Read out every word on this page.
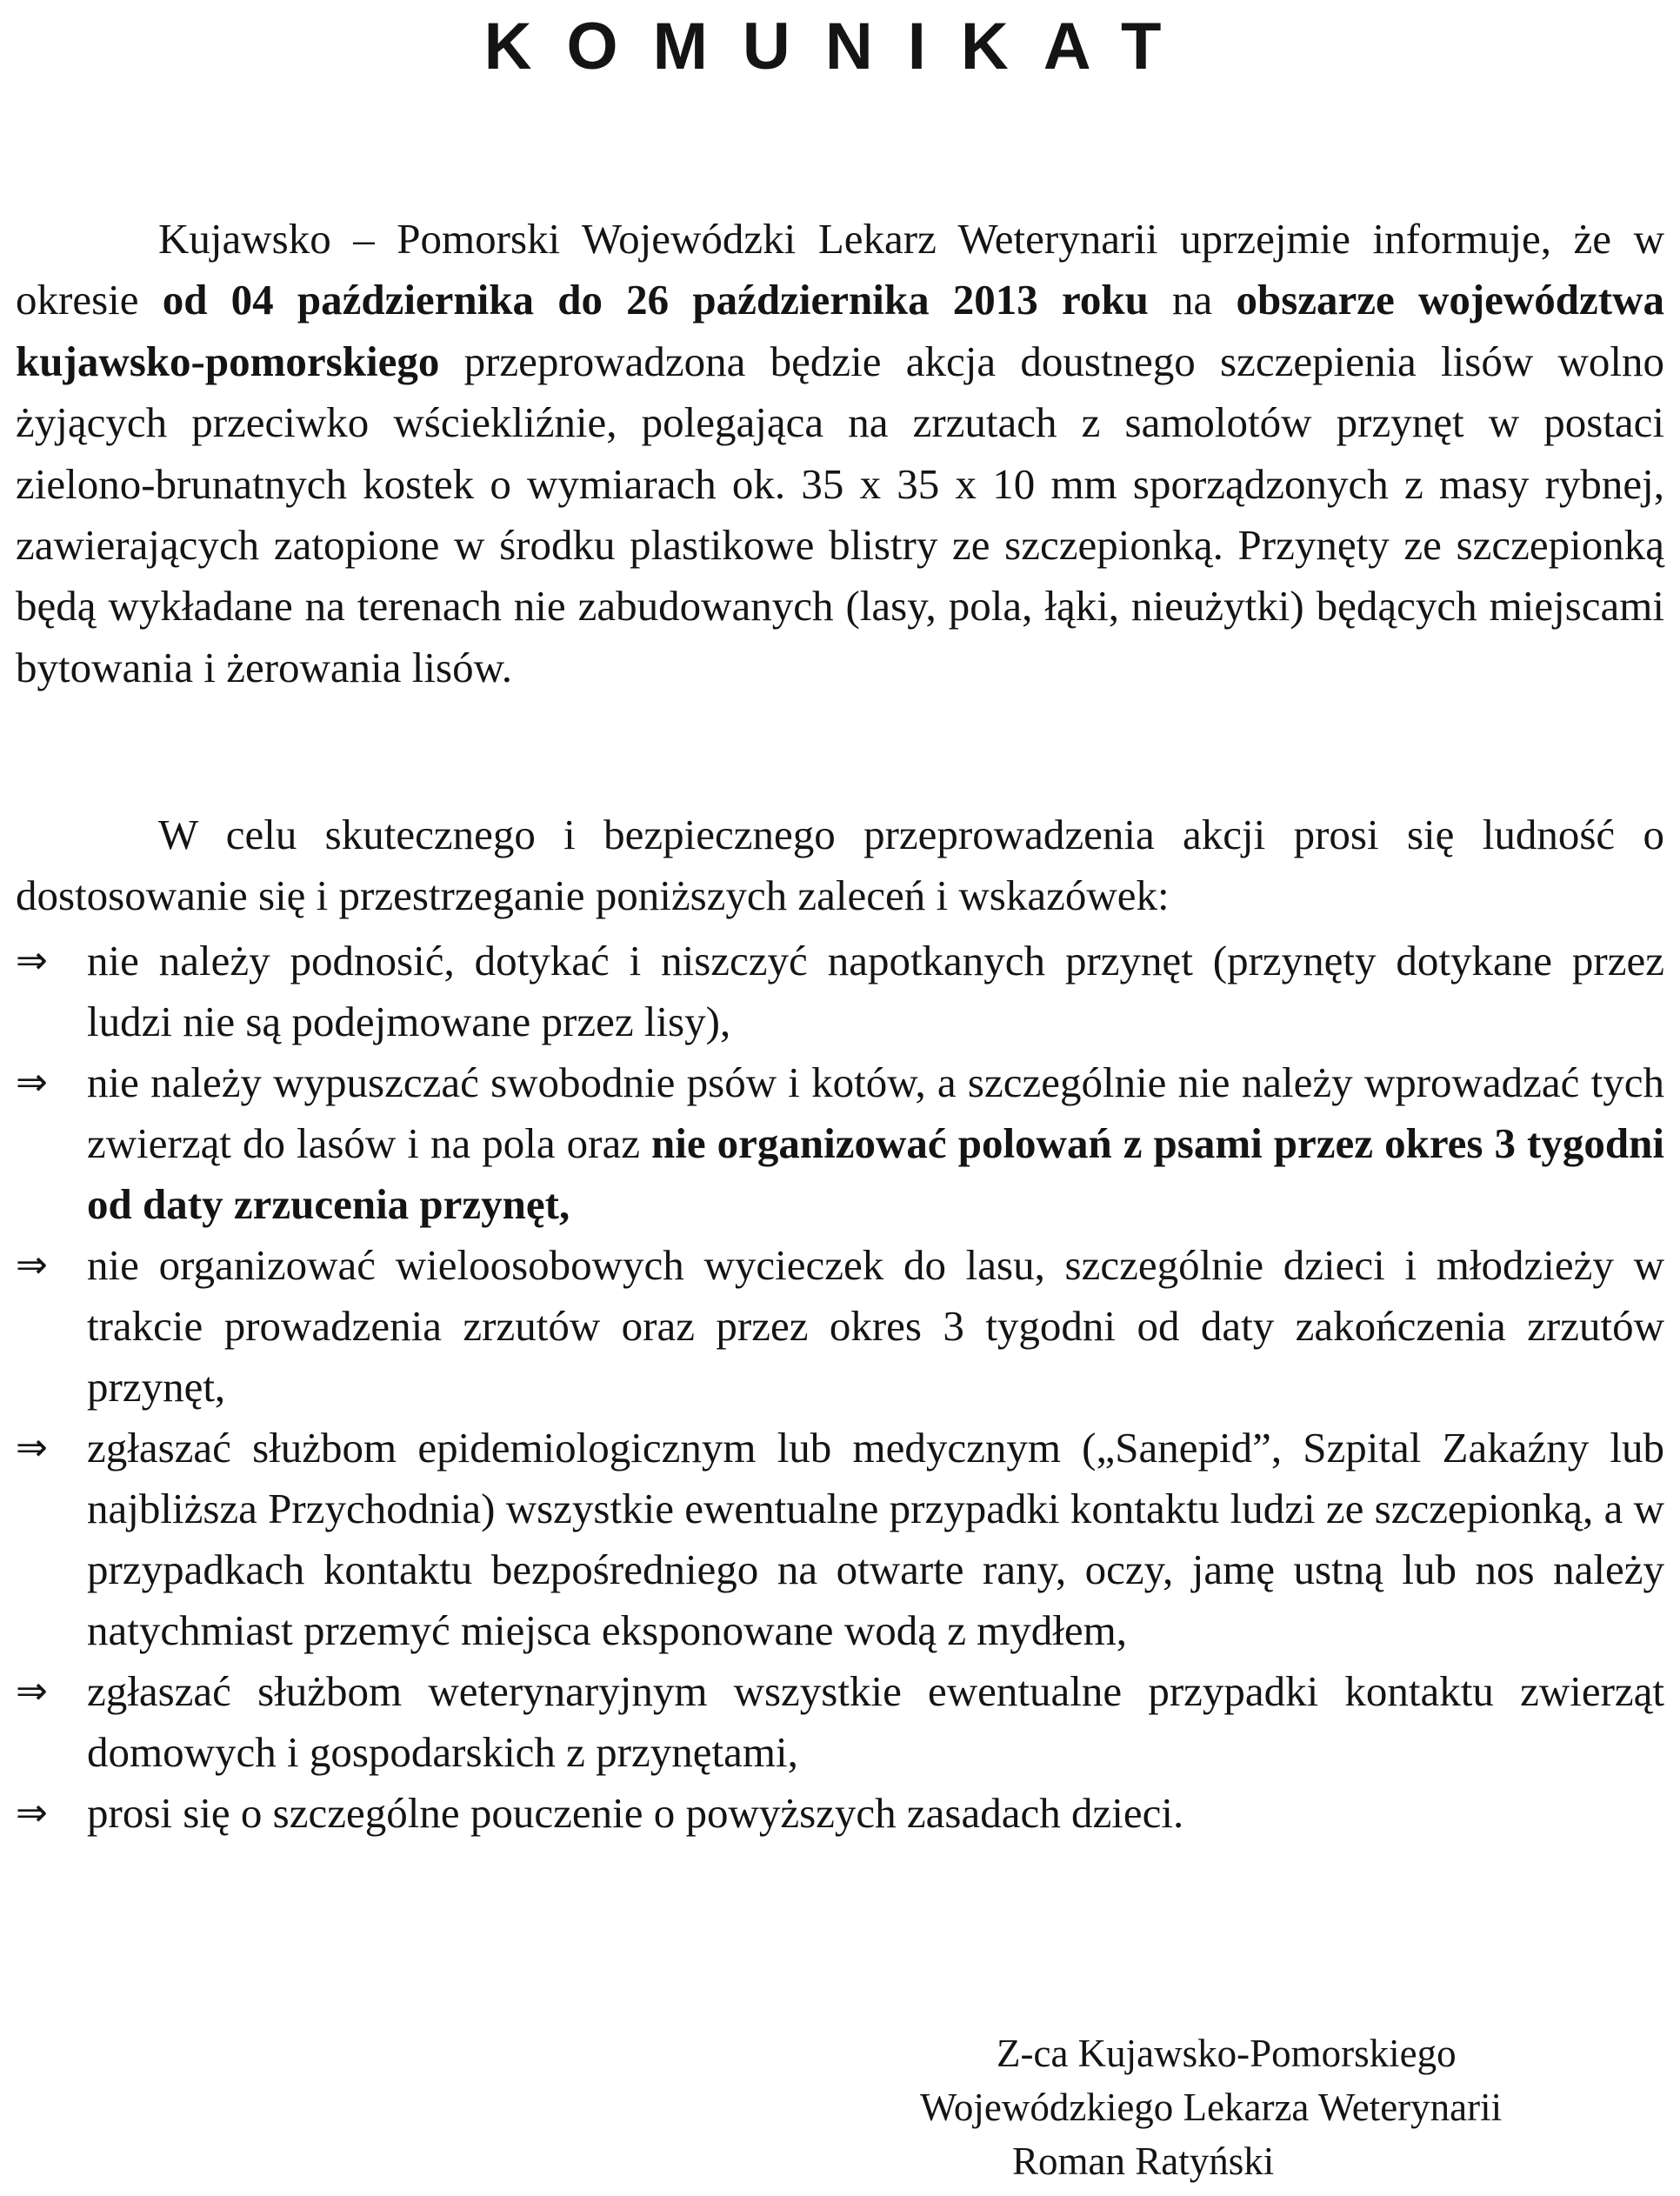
KOMUNIKAT

Kujawsko – Pomorski Wojewódzki Lekarz Weterynarii uprzejmie informuje, że w okresie od 04 października do 26 października 2013 roku na obszarze województwa kujawsko-pomorskiego przeprowadzona będzie akcja doustnego szczepienia lisów wolno żyjących przeciwko wściekliźnie, polegająca na zrzutach z samolotów przynęt w postaci zielono-brunatnych kostek o wymiarach ok. 35 x 35 x 10 mm sporządzonych z masy rybnej, zawierających zatopione w środku plastikowe blistry ze szczepionką. Przynęty ze szczepionką będą wykładane na terenach nie zabudowanych (lasy, pola, łąki, nieużytki) będących miejscami bytowania i żerowania lisów.

W celu skutecznego i bezpiecznego przeprowadzenia akcji prosi się ludność o dostosowanie się i przestrzeganie poniższych zaleceń i wskazówek:

⇒ nie należy podnosić, dotykać i niszczyć napotkanych przynęt (przynęty dotykane przez ludzi nie są podejmowane przez lisy),
⇒ nie należy wypuszczać swobodnie psów i kotów, a szczególnie nie należy wprowadzać tych zwierząt do lasów i na pola oraz nie organizować polowań z psami przez okres 3 tygodni od daty zrzucenia przynęt,
⇒ nie organizować wieloosobowych wycieczek do lasu, szczególnie dzieci i młodzieży w trakcie prowadzenia zrzutów oraz przez okres 3 tygodni od daty zakończenia zrzutów przynęt,
⇒ zgłaszać służbom epidemiologicznym lub medycznym („Sanepid”, Szpital Zakaźny lub najbliższa Przychodnia) wszystkie ewentualne przypadki kontaktu ludzi ze szczepionką, a w przypadkach kontaktu bezpośredniego na otwarte rany, oczy, jamę ustną lub nos należy natychmiast przemyć miejsca eksponowane wodą z mydłem,
⇒ zgłaszać służbom weterynaryjnym wszystkie ewentualne przypadki kontaktu zwierząt domowych i gospodarskich z przynętami,
⇒ prosi się o szczególne pouczenie o powyższych zasadach dzieci.
Z-ca Kujawsko-Pomorskiego
Wojewódzkiego Lekarza Weterynarii
Roman Ratyński
